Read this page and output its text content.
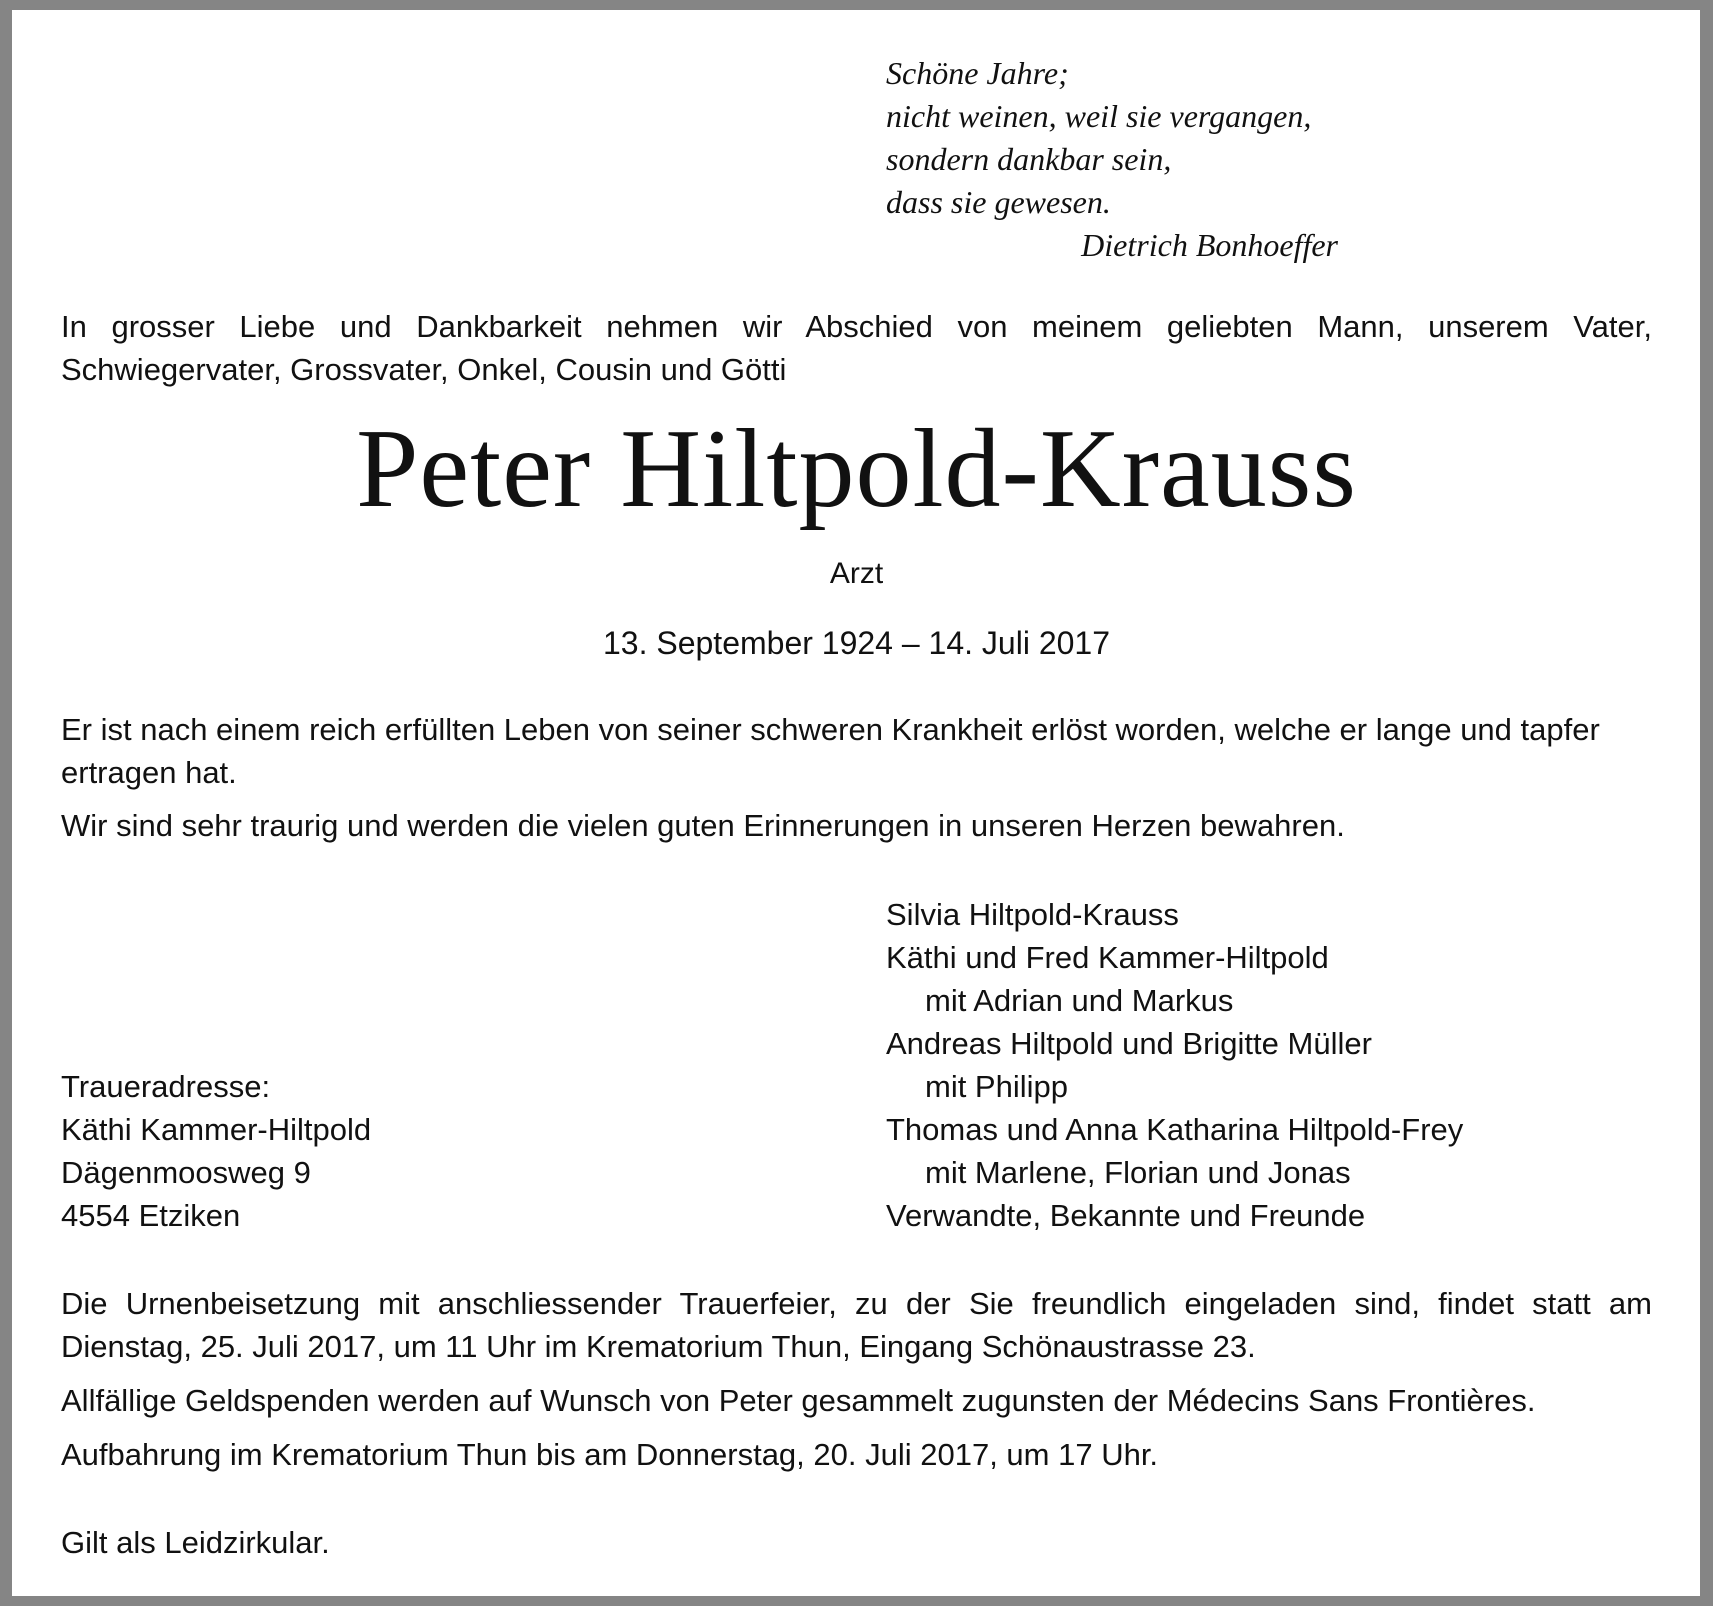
Schöne Jahre;
nicht weinen, weil sie vergangen,
sondern dankbar sein,
dass sie gewesen.
Dietrich Bonhoeffer
In grosser Liebe und Dankbarkeit nehmen wir Abschied von meinem geliebten Mann, unserem Vater, Schwiegervater, Grossvater, Onkel, Cousin und Götti
Peter Hiltpold-Krauss
Arzt
13. September 1924 – 14. Juli 2017

Er ist nach einem reich erfüllten Leben von seiner schweren Krankheit erlöst worden, welche er lange und tapfer ertragen hat.

Wir sind sehr traurig und werden die vielen guten Erinnerungen in unseren Herzen bewahren.

Silvia Hiltpold-Krauss
Käthi und Fred Kammer-Hiltpold
mit Adrian und Markus
Andreas Hiltpold und Brigitte Müller
mit Philipp
Thomas und Anna Katharina Hiltpold-Frey
mit Marlene, Florian und Jonas
Verwandte, Bekannte und Freunde
Traueradresse:
Käthi Kammer-Hiltpold
Dägenmoosweg 9
4554 Etziken

Die Urnenbeisetzung mit anschliessender Trauerfeier, zu der Sie freundlich eingeladen sind, findet statt am Dienstag, 25. Juli 2017, um 11 Uhr im Krematorium Thun, Eingang Schönaustrasse 23.

Allfällige Geldspenden werden auf Wunsch von Peter gesammelt zugunsten der Médecins Sans Frontières.

Aufbahrung im Krematorium Thun bis am Donnerstag, 20. Juli 2017, um 17 Uhr.

Gilt als Leidzirkular.
